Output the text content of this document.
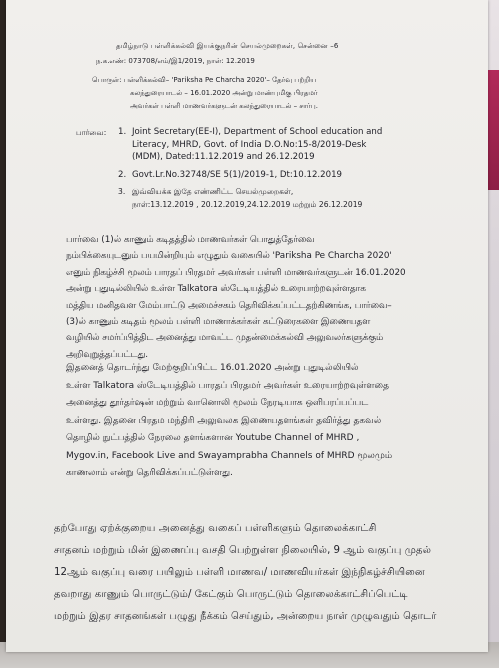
தமிழ்நாடு பள்ளிக்கல்வி இயக்குநரின் செயல்முறைகள், சென்னை –6
ந.க.எண்: 073708/எம்/இ1/2019, நாள்: 12.2019
பொருள்: பள்ளிக்கல்வி– 'Pariksha Pe Charcha 2020'– தேர்வு பற்றிய
கலந்துரையாடல் – 16.01.2020 அன்று மாண்புமிகு பிரதமர்
அவர்கள் பள்ளி மாணவர்களுடன் கலந்துரையாடல் – சார்பு.
பார்வை: 1. Joint Secretary(EE-I), Department of School education and
Literacy, MHRD, Govt. of India D.O.No:15-8/2019-Desk
(MDM), Dated:11.12.2019 and 26.12.2019
2. Govt.Lr.No.32748/SE 5(1)/2019-1, Dt:10.12.2019
3. இவ்வியக்க இதே எண்ணிட்ட செயல்முறைகள்,
நாள்:13.12.2019 , 20.12.2019,24.12.2019 மற்றும் 26.12.2019
பார்வை (1)ல் காணும் கடிதத்தில் மாணவர்கள் பொதுத்தேர்வை
நம்பிக்கையுடனும் பயமின்றியும் எழுதும் வகையில் 'Pariksha Pe Charcha 2020'
எனும் நிகழ்ச்சி மூலம் பாரதப் பிரதமர் அவர்கள் பள்ளி மாணவர்களுடன் 16.01.2020
அன்று புதுடில்லியில் உள்ள Talkatora ஸ்டேடியத்தில் உரையாற்றவுள்ளதாக
மத்திய மனிதவள மேம்பாட்டு அமைச்சகம் தெரிவிக்கப்பட்டதற்கிணங்க, பார்வை–
(3)ல் காணும் கடிதம் மூலம் பள்ளி மாணாக்கர்கள் கட்டுரைகளை இணையதள
வழியில் சமர்ப்பித்திட அனைத்து மாவட்ட முதன்மைக்கல்வி அலுவலர்களுக்கும்
அறிவுறுத்தப்பட்டது.
இதனைத் தொடர்ந்து மேற்குறிப்பிட்ட 16.01.2020 அன்று புதுடில்லியில்
உள்ள Talkatora ஸ்டேடியத்தில் பாரதப் பிரதமர் அவர்கள் உரையாற்றவுள்ளதை
அனைத்து தூர்தர்ஷன் மற்றும் வானொலி மூலம் நேரடியாக ஒளிபரப்பப்பட
உள்ளது. இதனை பிரதம மந்திரி அலுவலக இணையதளங்கள் தவிர்த்து தகவல்
தொழில் நுட்பத்தில் நேரலை தளங்களான Youtube Channel of MHRD ,
Mygov.in, Facebook Live and Swayamprabha Channels of MHRD மூலமும்
காணலாம் என்று தெரிவிக்கப்பட்டுள்ளது.
தற்போது ஏற்க்குறைய அனைத்து வகைப் பள்ளிகளும் தொலைக்காட்சி
சாதனம் மற்றும் மின் இணைப்பு வசதி பெற்றுள்ள நிலையில், 9 ஆம் வகுப்பு முதல்
12ஆம் வகுப்பு வரை பயிலும் பள்ளி மாணவ/ மாணவியர்கள் இந்நிகழ்ச்சியினை
தவறாது காணும் பொருட்டும்/ கேட்கும் பொருட்டும் தொலைக்காட்சிப்பெட்டி
மற்றும் இதர சாதனங்கள் பழுது நீக்கம் செய்தும், அன்றைய நாள் முழுவதும் தொடர்
